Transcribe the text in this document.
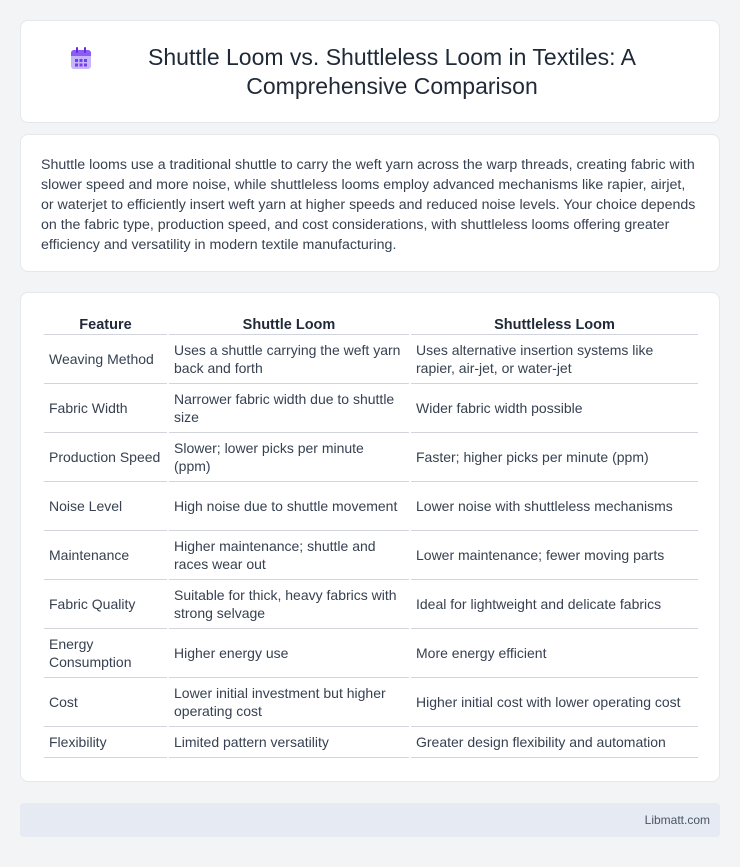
Shuttle Loom vs. Shuttleless Loom in Textiles: A Comprehensive Comparison

Shuttle looms use a traditional shuttle to carry the weft yarn across the warp threads, creating fabric with slower speed and more noise, while shuttleless looms employ advanced mechanisms like rapier, airjet, or waterjet to efficiently insert weft yarn at higher speeds and reduced noise levels. Your choice depends on the fabric type, production speed, and cost considerations, with shuttleless looms offering greater efficiency and versatility in modern textile manufacturing.

Feature	Shuttle Loom	Shuttleless Loom
Weaving Method	Uses a shuttle carrying the weft yarn back and forth	Uses alternative insertion systems like rapier, air-jet, or water-jet
Fabric Width	Narrower fabric width due to shuttle size	Wider fabric width possible
Production Speed	Slower; lower picks per minute (ppm)	Faster; higher picks per minute (ppm)
Noise Level	High noise due to shuttle movement	Lower noise with shuttleless mechanisms
Maintenance	Higher maintenance; shuttle and races wear out	Lower maintenance; fewer moving parts
Fabric Quality	Suitable for thick, heavy fabrics with strong selvage	Ideal for lightweight and delicate fabrics
Energy Consumption	Higher energy use	More energy efficient
Cost	Lower initial investment but higher operating cost	Higher initial cost with lower operating cost
Flexibility	Limited pattern versatility	Greater design flexibility and automation
Libmatt.com
